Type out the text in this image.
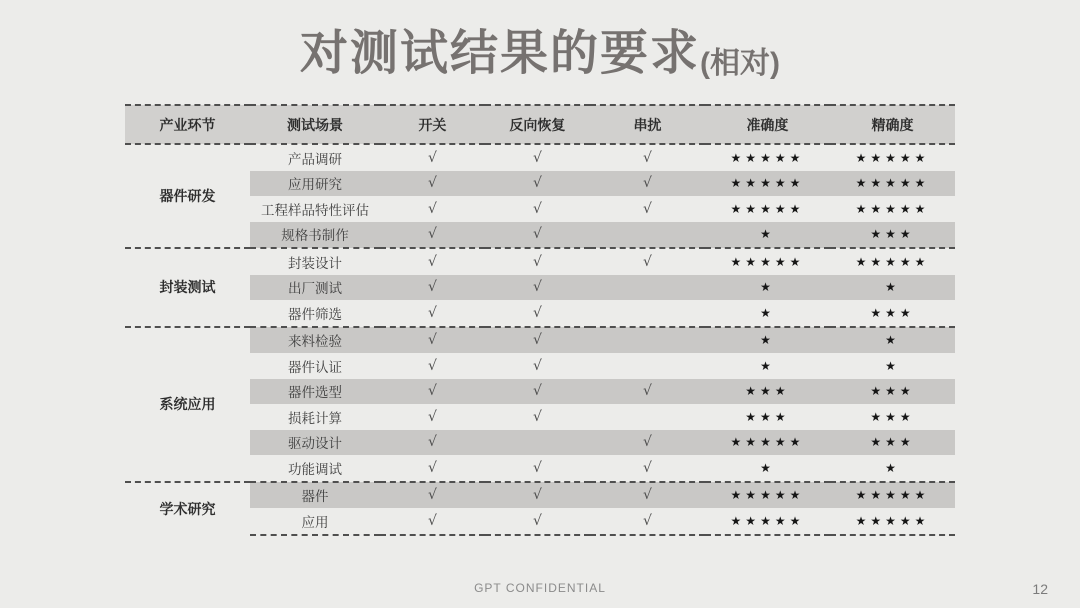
对测试结果的要求(相对)
产业环节	测试场景	开关	反向恢复	串扰	准确度	精确度
器件研发	产品调研	√	√	√	★★★★★	★★★★★
	应用研究	√	√	√	★★★★★	★★★★★
	工程样品特性评估	√	√	√	★★★★★	★★★★★
	规格书制作	√	√		★	★★★
封装测试	封装设计	√	√	√	★★★★★	★★★★★
	出厂测试	√	√		★	★
	器件筛选	√	√		★	★★★
系统应用	来料检验	√	√		★	★
	器件认证	√	√		★	★
	器件选型	√	√	√	★★★	★★★
	损耗计算	√	√		★★★	★★★
	驱动设计	√		√	★★★★★	★★★
	功能调试	√	√	√	★	★
学术研究	器件	√	√	√	★★★★★	★★★★★
	应用	√	√	√	★★★★★	★★★★★
GPT CONFIDENTIAL	12
